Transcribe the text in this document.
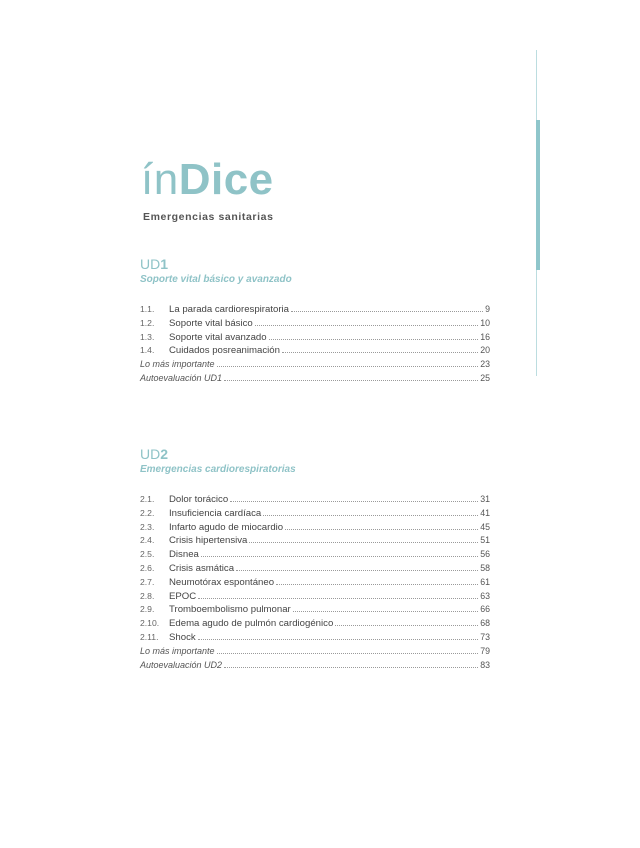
ínDice
Emergencias sanitarias
UD1
Soporte vital básico y avanzado
1.1.	La parada cardiorespiratoria	9
1.2.	Soporte vital básico	10
1.3.	Soporte vital avanzado	16
1.4.	Cuidados posreanimación	20
Lo más importante	23
Autoevaluación UD1	25
UD2
Emergencias cardiorespiratorias
2.1.	Dolor torácico	31
2.2.	Insuficiencia cardíaca	41
2.3.	Infarto agudo de miocardio	45
2.4.	Crisis hipertensiva	51
2.5.	Disnea	56
2.6.	Crisis asmática	58
2.7.	Neumotórax espontáneo	61
2.8.	EPOC	63
2.9.	Tromboembolismo pulmonar	66
2.10.	Edema agudo de pulmón cardiogénico	68
2.11.	Shock	73
Lo más importante	79
Autoevaluación UD2	83
